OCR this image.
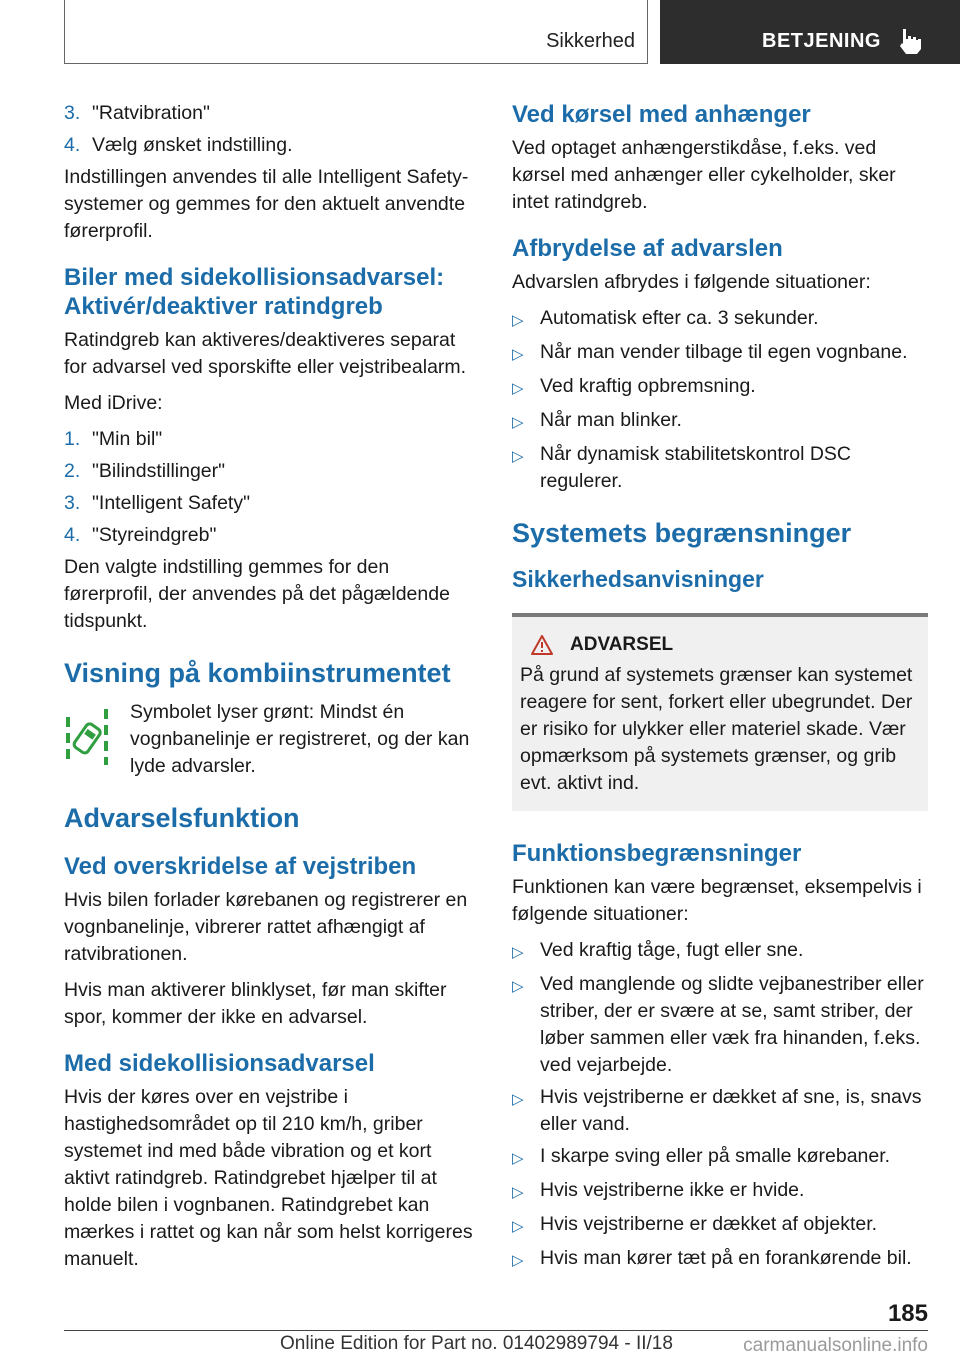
Sikkerhed	BETJENING
3. "Ratvibration"
4. Vælg ønsket indstilling.

Indstillingen anvendes til alle Intelligent Safety-systemer og gemmes for den aktuelt anvendte førerprofil.

Biler med sidekollisionsadvarsel: Aktivér/deaktiver ratindgreb

Ratindgreb kan aktiveres/deaktiveres separat for advarsel ved sporskifte eller vejstribealarm.

Med iDrive:

1. "Min bil"
2. "Bilindstillinger"
3. "Intelligent Safety"
4. "Styreindgreb"

Den valgte indstilling gemmes for den førerprofil, der anvendes på det pågældende tidspunkt.

Visning på kombiinstrumentet
Symbolet lyser grønt: Mindst én vognbanelinje er registreret, og der kan lyde advarsler.
Advarselsfunktion
Ved overskridelse af vejstriben

Hvis bilen forlader kørebanen og registrerer en vognbanelinje, vibrerer rattet afhængigt af ratvibrationen.

Hvis man aktiverer blinklyset, før man skifter spor, kommer der ikke en advarsel.

Med sidekollisionsadvarsel

Hvis der køres over en vejstribe i hastighedsområdet op til 210 km/h, griber systemet ind med både vibration og et kort aktivt ratindgreb. Ratindgrebet hjælper til at holde bilen i vognbanen. Ratindgrebet kan mærkes i rattet og kan når som helst korrigeres manuelt.

Ved kørsel med anhænger

Ved optaget anhængerstikdåse, f.eks. ved kørsel med anhænger eller cykelholder, sker intet ratindgreb.

Afbrydelse af advarslen

Advarslen afbrydes i følgende situationer:

▷ Automatisk efter ca. 3 sekunder.
▷ Når man vender tilbage til egen vognbane.
▷ Ved kraftig opbremsning.
▷ Når man blinker.
▷ Når dynamisk stabilitetskontrol DSC regulerer.
Systemets begrænsninger
Sikkerhedsanvisninger
ADVARSEL
På grund af systemets grænser kan systemet reagere for sent, forkert eller ubegrundet. Der er risiko for ulykker eller materiel skade. Vær opmærksom på systemets grænser, og grib evt. aktivt ind.
Funktionsbegrænsninger

Funktionen kan være begrænset, eksempelvis i følgende situationer:

▷ Ved kraftig tåge, fugt eller sne.
▷ Ved manglende og slidte vejbanestriber eller striber, der er svære at se, samt striber, der løber sammen eller væk fra hinanden, f.eks. ved vejarbejde.
▷ Hvis vejstriberne er dækket af sne, is, snavs eller vand.
▷ I skarpe sving eller på smalle kørebaner.
▷ Hvis vejstriberne ikke er hvide.
▷ Hvis vejstriberne er dækket af objekter.
▷ Hvis man kører tæt på en forankørende bil.
185
Online Edition for Part no. 01402989794 - II/18	carmanualsonline.info
